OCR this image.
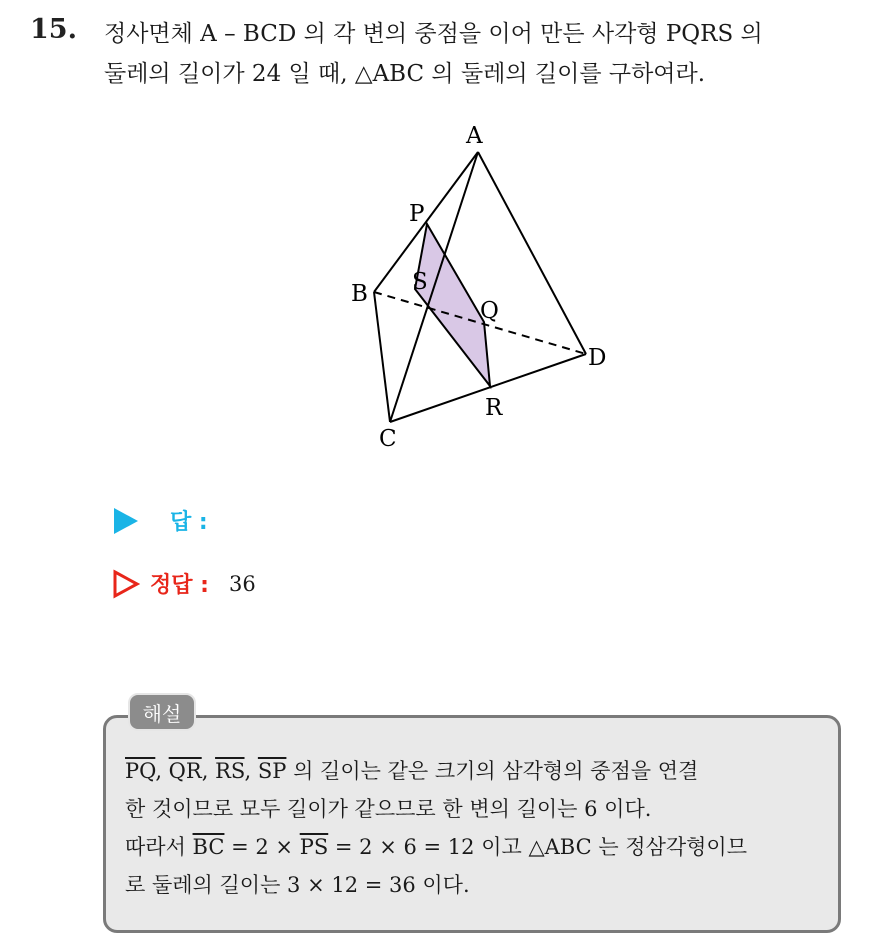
15. 정사면체 A – BCD 의 각 변의 중점을 이어 만든 사각형 PQRS 의
둘레의 길이가 24 일 때, △ABC 의 둘레의 길이를 구하여라.
A
P
S
B
Q
D
R
C
답 :
정답 : 36
해설

$\overline{PQ}$, $\overline{QR}$, $\overline{RS}$, $\overline{SP}$ 의 길이는 같은 크기의 삼각형의 중점을 연결

한 것이므로 모두 길이가 같으므로 한 변의 길이는 6 이다.

따라서 $\overline{BC} = 2 \times \overline{PS} = 2 \times 6 = 12$ 이고 △ABC 는 정삼각형이므

로 둘레의 길이는 3 × 12 = 36 이다.
